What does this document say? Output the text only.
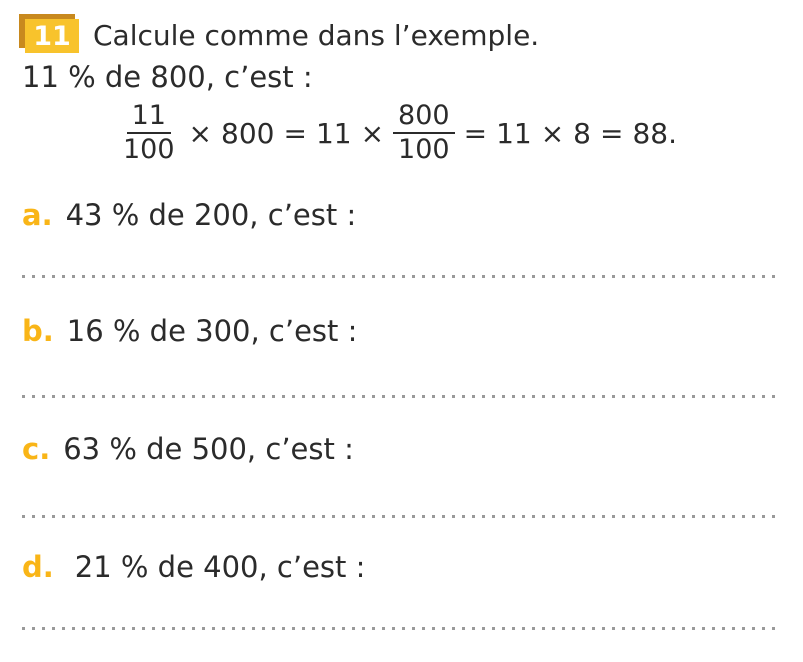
11 Calcule comme dans l’exemple.
11 % de 800, c’est :
$\frac{11}{100} \times 800 = 11 \times \frac{800}{100} = 11 \times 8 = 88$.
a. 43 % de 200, c’est :
b. 16 % de 300, c’est :
c. 63 % de 500, c’est :
d. 21 % de 400, c’est :
